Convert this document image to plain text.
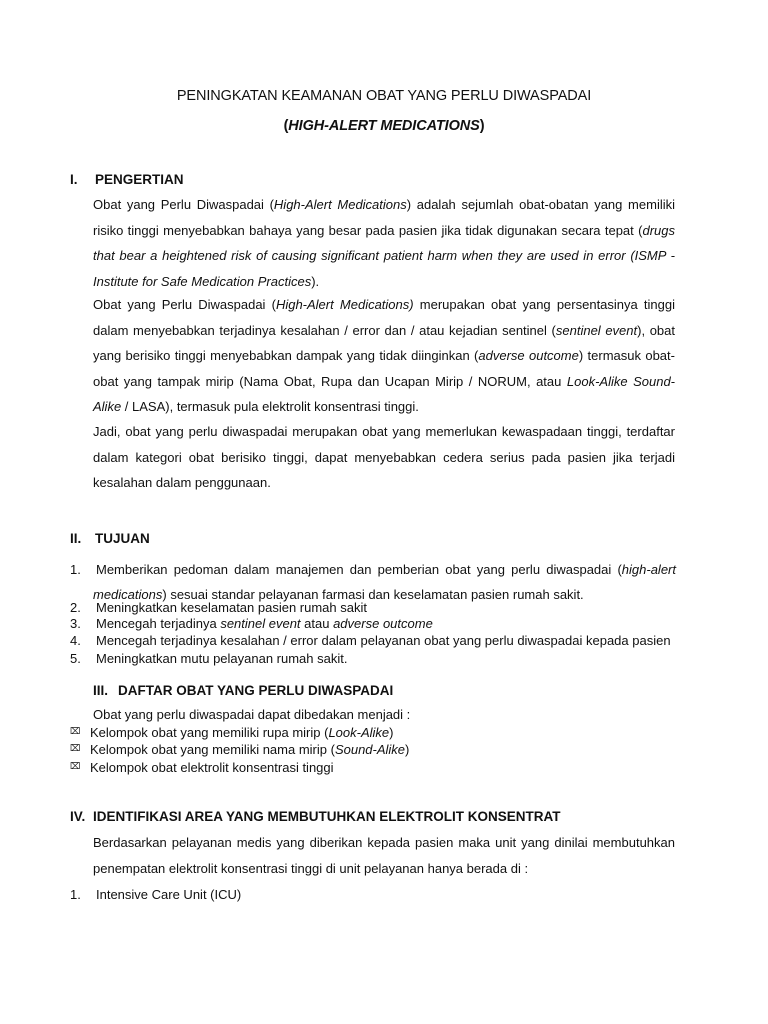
PENINGKATAN KEAMANAN OBAT YANG PERLU DIWASPADAI
(HIGH-ALERT MEDICATIONS)
I. PENGERTIAN
Obat yang Perlu Diwaspadai (High-Alert Medications) adalah sejumlah obat-obatan yang memiliki risiko tinggi menyebabkan bahaya yang besar pada pasien jika tidak digunakan secara tepat (drugs that bear a heightened risk of causing significant patient harm when they are used in error (ISMP - Institute for Safe Medication Practices).
Obat yang Perlu Diwaspadai (High-Alert Medications) merupakan obat yang persentasinya tinggi dalam menyebabkan terjadinya kesalahan / error dan / atau kejadian sentinel (sentinel event), obat yang berisiko tinggi menyebabkan dampak yang tidak diinginkan (adverse outcome) termasuk obat-obat yang tampak mirip (Nama Obat, Rupa dan Ucapan Mirip / NORUM, atau Look-Alike Sound-Alike / LASA), termasuk pula elektrolit konsentrasi tinggi.
Jadi, obat yang perlu diwaspadai merupakan obat yang memerlukan kewaspadaan tinggi, terdaftar dalam kategori obat berisiko tinggi, dapat menyebabkan cedera serius pada pasien jika terjadi kesalahan dalam penggunaan.
II. TUJUAN
1. Memberikan pedoman dalam manajemen dan pemberian obat yang perlu diwaspadai (high-alert medications) sesuai standar pelayanan farmasi dan keselamatan pasien rumah sakit.
2. Meningkatkan keselamatan pasien rumah sakit
3. Mencegah terjadinya sentinel event atau adverse outcome
4. Mencegah terjadinya kesalahan / error dalam pelayanan obat yang perlu diwaspadai kepada pasien
5. Meningkatkan mutu pelayanan rumah sakit.
III. DAFTAR OBAT YANG PERLU DIWASPADAI
Obat yang perlu diwaspadai dapat dibedakan menjadi :
⌧ Kelompok obat yang memiliki rupa mirip (Look-Alike)
⌧ Kelompok obat yang memiliki nama mirip (Sound-Alike)
⌧ Kelompok obat elektrolit konsentrasi tinggi
IV. IDENTIFIKASI AREA YANG MEMBUTUHKAN ELEKTROLIT KONSENTRAT
Berdasarkan pelayanan medis yang diberikan kepada pasien maka unit yang dinilai membutuhkan penempatan elektrolit konsentrasi tinggi di unit pelayanan hanya berada di :
1. Intensive Care Unit (ICU)
